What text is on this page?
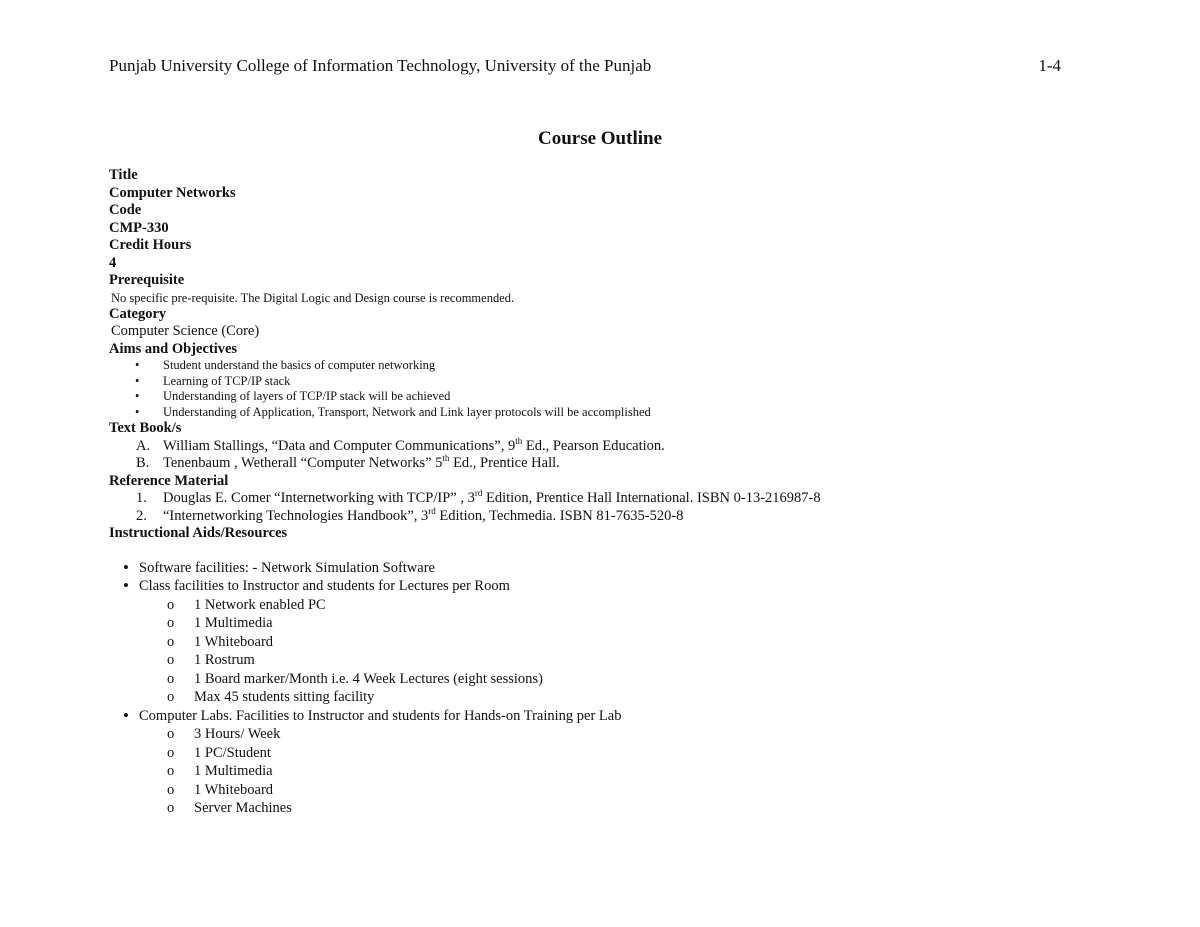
Punjab University College of Information Technology, University of the Punjab	1-4
Course Outline
Title
Computer Networks
Code
CMP-330
Credit Hours
4
Prerequisite
No specific pre-requisite. The Digital Logic and Design course is recommended.
Category
Computer Science (Core)
Aims and Objectives
• Student understand the basics of computer networking
• Learning of TCP/IP stack
• Understanding of layers of TCP/IP stack will be achieved
• Understanding of Application, Transport, Network and Link layer protocols will be accomplished
Text Book/s
A. William Stallings, “Data and Computer Communications”, 9th Ed., Pearson Education.
B. Tenenbaum , Wetherall “Computer Networks” 5th Ed., Prentice Hall.
Reference Material
1.	Douglas E. Comer “Internetworking with TCP/IP” , 3rd Edition, Prentice Hall International. ISBN 0-13-216987-8
2.	“Internetworking Technologies Handbook”, 3rd Edition, Techmedia. ISBN 81-7635-520-8
Instructional Aids/Resources
• Software facilities: - Network Simulation Software
• Class facilities to Instructor and students for Lectures per Room
o	1 Network enabled PC
o	1 Multimedia
o	1 Whiteboard
o	1 Rostrum
o	1 Board marker/Month i.e. 4 Week Lectures (eight sessions)
o	Max 45 students sitting facility
• Computer Labs. Facilities to Instructor and students for Hands-on Training per Lab
o	3 Hours/ Week
o	1 PC/Student
o	1 Multimedia
o	1 Whiteboard
o	Server Machines
